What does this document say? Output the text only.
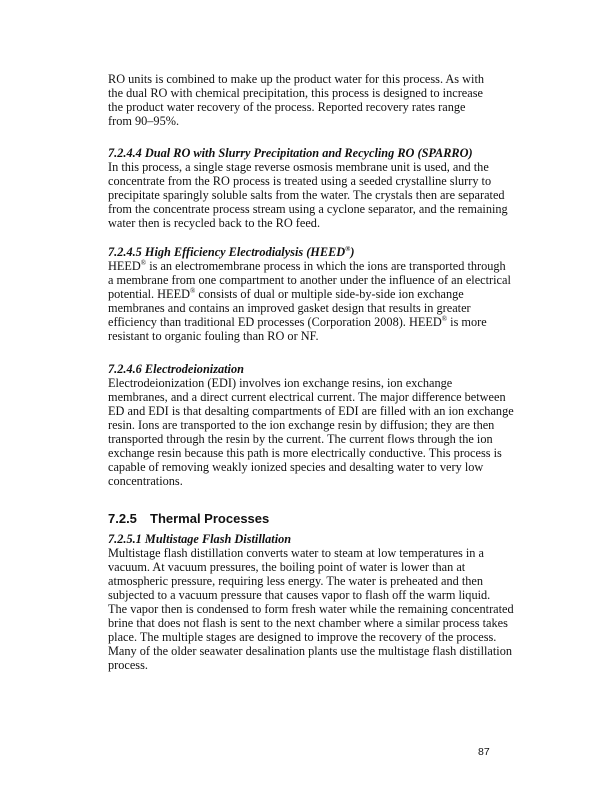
RO units is combined to make up the product water for this process. As with
the dual RO with chemical precipitation, this process is designed to increase
the product water recovery of the process. Reported recovery rates range
from 90–95%.
7.2.4.4 Dual RO with Slurry Precipitation and Recycling RO (SPARRO)
In this process, a single stage reverse osmosis membrane unit is used, and the
concentrate from the RO process is treated using a seeded crystalline slurry to
precipitate sparingly soluble salts from the water. The crystals then are separated
from the concentrate process stream using a cyclone separator, and the remaining
water then is recycled back to the RO feed.
7.2.4.5 High Efficiency Electrodialysis (HEED®)
HEED® is an electromembrane process in which the ions are transported through
a membrane from one compartment to another under the influence of an electrical
potential. HEED® consists of dual or multiple side-by-side ion exchange
membranes and contains an improved gasket design that results in greater
efficiency than traditional ED processes (Corporation 2008). HEED® is more
resistant to organic fouling than RO or NF.
7.2.4.6 Electrodeionization
Electrodeionization (EDI) involves ion exchange resins, ion exchange
membranes, and a direct current electrical current. The major difference between
ED and EDI is that desalting compartments of EDI are filled with an ion exchange
resin. Ions are transported to the ion exchange resin by diffusion; they are then
transported through the resin by the current. The current flows through the ion
exchange resin because this path is more electrically conductive. This process is
capable of removing weakly ionized species and desalting water to very low
concentrations.
7.2.5 Thermal Processes
7.2.5.1 Multistage Flash Distillation
Multistage flash distillation converts water to steam at low temperatures in a
vacuum. At vacuum pressures, the boiling point of water is lower than at
atmospheric pressure, requiring less energy. The water is preheated and then
subjected to a vacuum pressure that causes vapor to flash off the warm liquid.
The vapor then is condensed to form fresh water while the remaining concentrated
brine that does not flash is sent to the next chamber where a similar process takes
place. The multiple stages are designed to improve the recovery of the process.
Many of the older seawater desalination plants use the multistage flash distillation
process.
87
